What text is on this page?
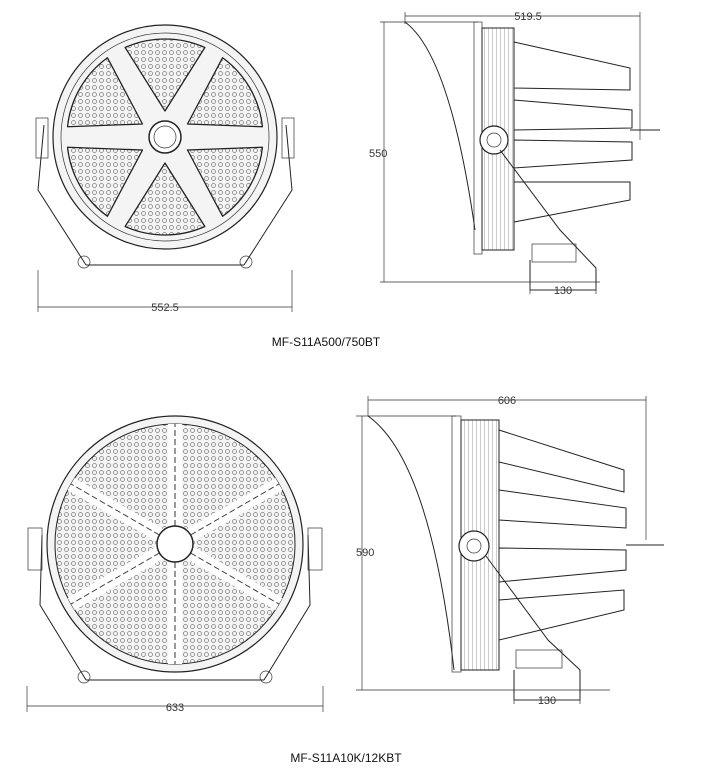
552.5
519.5
550
130
MF-S11A500/750BT
633
606
590
130
MF-S11A10K/12KBT
